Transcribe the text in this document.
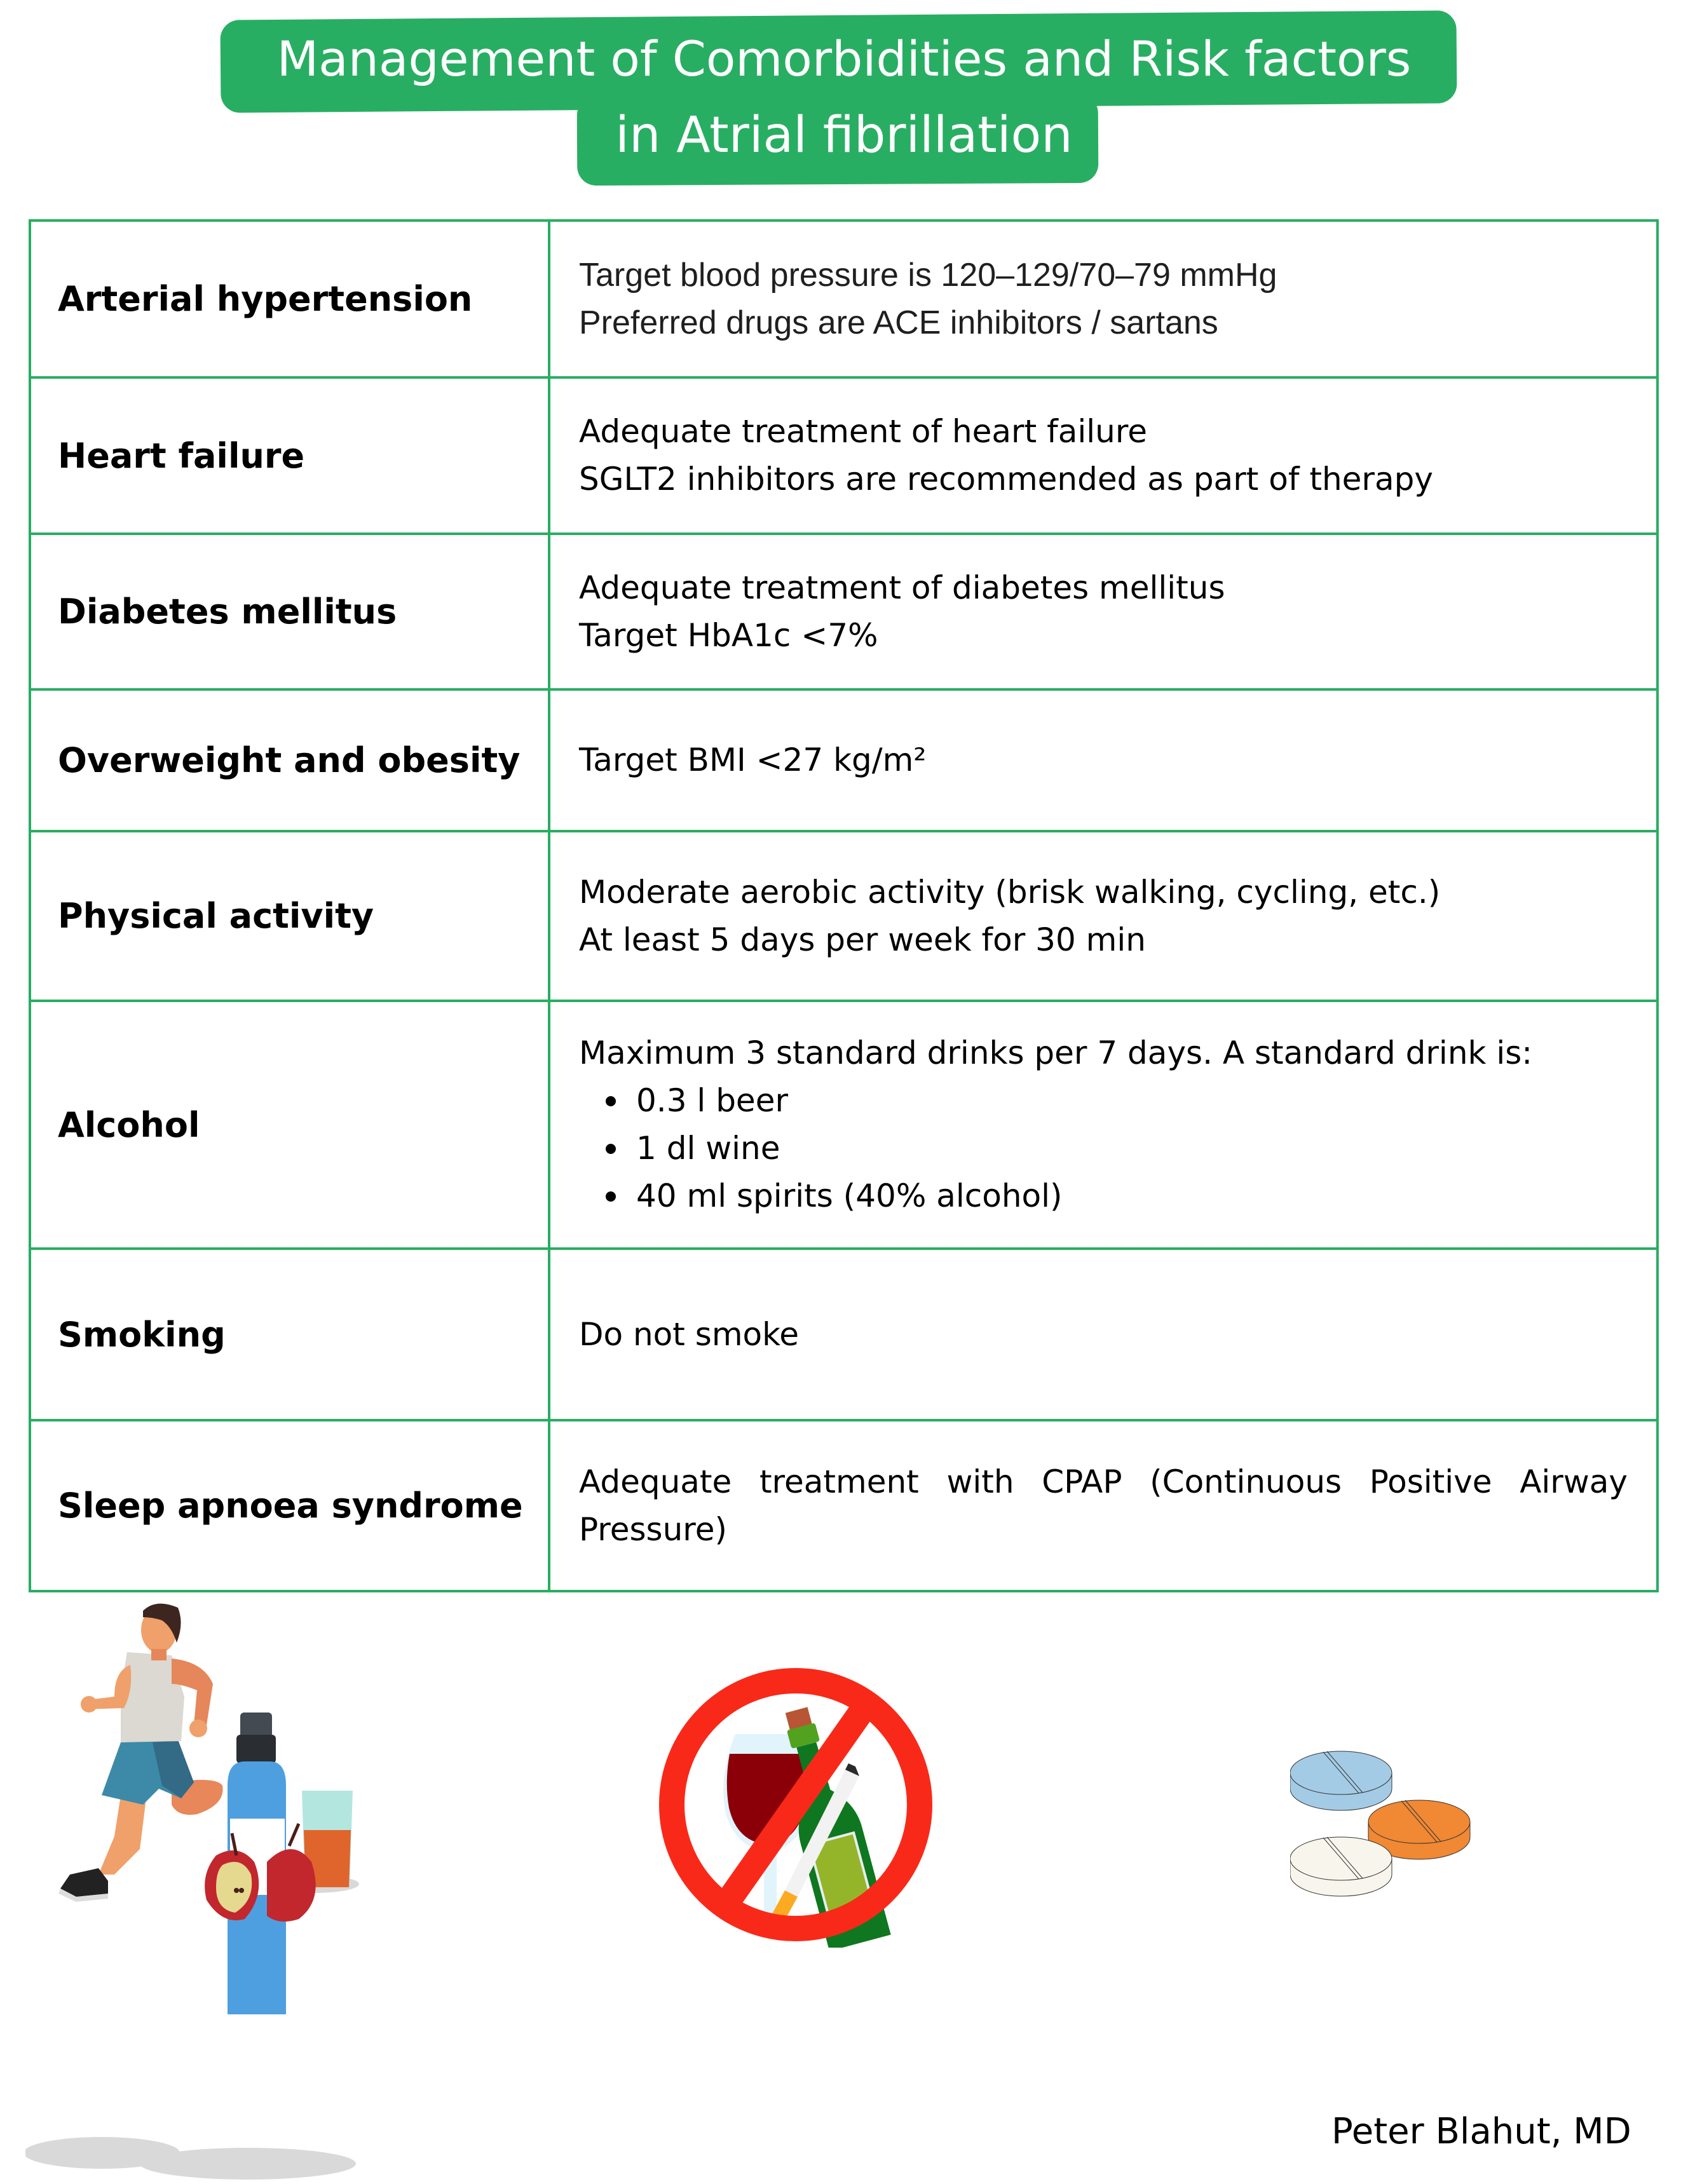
Management of Comorbidities and Risk factors
in Atrial fibrillation
Arterial hypertension
Target blood pressure is 120–129/70–79 mmHg
Preferred drugs are ACE inhibitors / sartans
Heart failure
Adequate treatment of heart failure
SGLT2 inhibitors are recommended as part of therapy
Diabetes mellitus
Adequate treatment of diabetes mellitus
Target HbA1c <7%
Overweight and obesity Target BMI <27 kg/m²
Physical activity
Moderate aerobic activity (brisk walking, cycling, etc.)
At least 5 days per week for 30 min
Alcohol
Maximum 3 standard drinks per 7 days. A standard drink is:
0.3 l beer
1 dl wine
40 ml spirits (40% alcohol)
Smoking	Do not smoke
Sleep apnoea syndrome
Adequate treatment with CPAP (Continuous Positive Airway
Pressure)
Peter Blahut, MD
